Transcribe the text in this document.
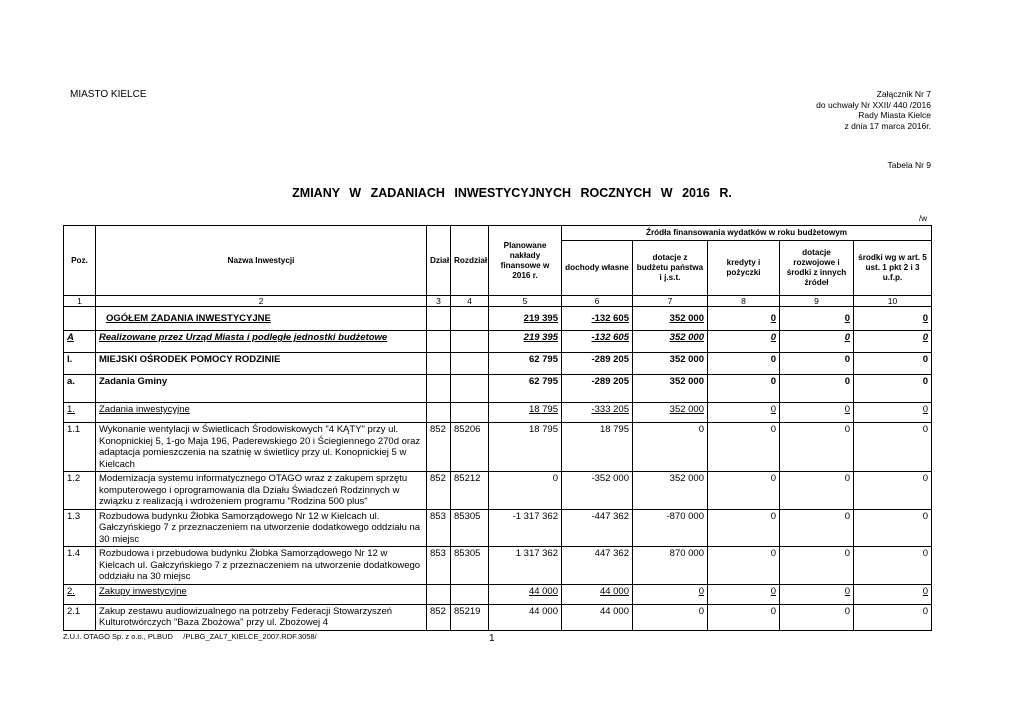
MIASTO KIELCE	Załącznik Nr 7
do uchwały Nr XXII/ 440 /2016
Rady Miasta Kielce
z dnia 17 marca 2016r.
Tabela Nr 9
ZMIANY W ZADANIACH INWESTYCYJNYCH ROCZNYCH W 2016 R.
/w
Poz.	Nazwa Inwestycji	Dział	Rozdział	Planowane nakłady finansowe w 2016 r.	Źródła finansowania wydatków w roku budżetowym				
					dochody własne	dotacje z budżetu państwa i j.s.t.	kredyty i pożyczki	dotacje rozwojowe i środki z innych źródeł	środki wg w art. 5 ust. 1 pkt 2 i 3 u.f.p.
1	2	3	4	5	6	7	8	9	10
	OGÓŁEM ZADANIA INWESTYCYJNE			219 395	-132 605	352 000	0	0	0
A	Realizowane przez Urząd Miasta i podległe jednostki budżetowe			219 395	-132 605	352 000	0	0	0
I.	MIEJSKI OŚRODEK POMOCY RODZINIE			62 795	-289 205	352 000	0	0	0
a.	Zadania Gminy			62 795	-289 205	352 000	0	0	0
1.	Zadania inwestycyjne			18 795	-333 205	352 000	0	0	0
1.1	Wykonanie wentylacji w Świetlicach Środowiskowych "4 KĄTY" przy ul. Konopnickiej 5, 1-go Maja 196, Paderewskiego 20 i Ściegiennego 270d oraz adaptacja pomieszczenia na szatnię w świetlicy przy ul. Konopnickiej 5 w Kielcach	852	85206	18 795	18 795	0	0	0	0
1.2	Modernizacja systemu informatycznego OTAGO wraz z zakupem sprzętu komputerowego i oprogramowania dla Działu Świadczeń Rodzinnych w związku z realizacją i wdrożeniem programu "Rodzina 500 plus"	852	85212	0	-352 000	352 000	0	0	0
1.3	Rozbudowa budynku Żłobka Samorządowego Nr 12 w Kielcach ul. Gałczyńskiego 7 z przeznaczeniem na utworzenie dodatkowego oddziału na 30 miejsc	853	85305	-1 317 362	-447 362	-870 000	0	0	0
1.4	Rozbudowa i przebudowa budynku Żłobka Samorządowego Nr 12 w Kielcach ul. Gałczyńskiego 7 z przeznaczeniem na utworzenie dodatkowego oddziału na 30 miejsc	853	85305	1 317 362	447 362	870 000	0	0	0
2.	Zakupy inwestycyjne			44 000	44 000	0	0	0	0
2.1	Zakup zestawu audiowizualnego na potrzeby Federacji Stowarzyszeń Kulturotwórczych "Baza Zbożowa" przy ul. Zbożowej 4	852	85219	44 000	44 000	0	0	0	0
Z.U.I. OTAGO Sp. z o.o., PLBUD     /PLBG_ZAL7_KIELCE_2007.RDF.3058/	1
